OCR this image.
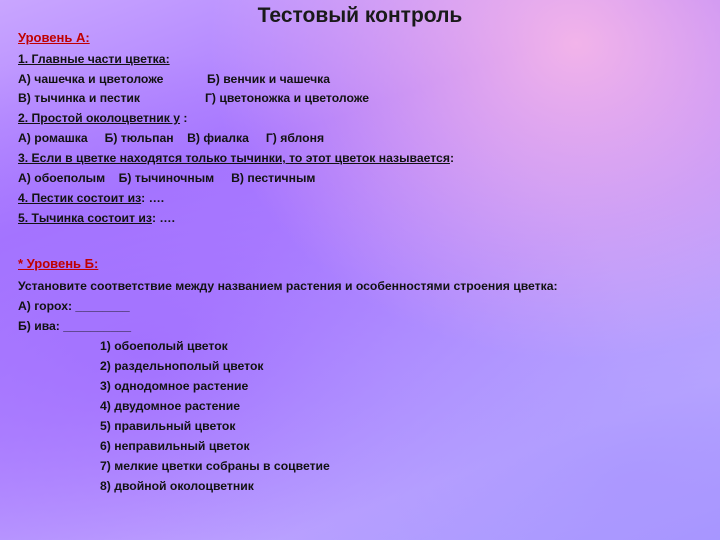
Тестовый контроль
Уровень А:
1. Главные части цветка:
А) чашечка и цветоложе	Б) венчик и чашечка
В) тычинка и пестик	Г) цветоножка и цветоложе
2. Простой околоцветник у :
А) ромашка     Б) тюльпан    В) фиалка     Г) яблоня
3. Если в цветке находятся только тычинки, то этот цветок называется:
А) обоеполым    Б) тычиночным     В) пестичным
4. Пестик состоит из: ….
5. Тычинка состоит из: ….
* Уровень Б:
Установите соответствие между названием растения и особенностями строения цветка:
А) горох: ________
Б) ива: __________
1) обоеполый цветок
2) раздельнополый цветок
3) однодомное растение
4) двудомное растение
5) правильный цветок
6) неправильный цветок
7) мелкие цветки собраны в соцветие
8) двойной околоцветник
